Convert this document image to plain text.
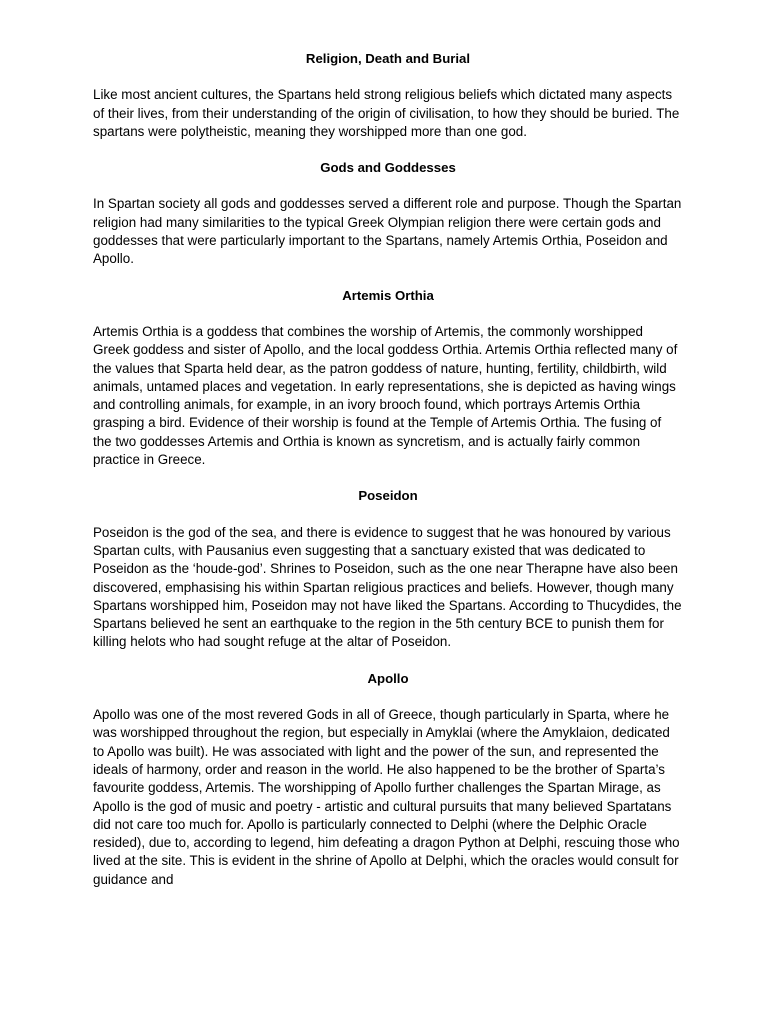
Religion, Death and Burial

Like most ancient cultures, the Spartans held strong religious beliefs which dictated many aspects of their lives, from their understanding of the origin of civilisation, to how they should be buried. The spartans were polytheistic, meaning they worshipped more than one god.

Gods and Goddesses

In Spartan society all gods and goddesses served a different role and purpose. Though the Spartan religion had many similarities to the typical Greek Olympian religion there were certain gods and goddesses that were particularly important to the Spartans, namely Artemis Orthia, Poseidon and Apollo.

Artemis Orthia

Artemis Orthia is a goddess that combines the worship of Artemis, the commonly worshipped Greek goddess and sister of Apollo, and the local goddess Orthia. Artemis Orthia reflected many of the values that Sparta held dear, as the patron goddess of nature, hunting, fertility, childbirth, wild animals, untamed places and vegetation. In early representations, she is depicted as having wings and controlling animals, for example, in an ivory brooch found, which portrays Artemis Orthia grasping a bird. Evidence of their worship is found at the Temple of Artemis Orthia. The fusing of the two goddesses Artemis and Orthia is known as syncretism, and is actually fairly common practice in Greece.

Poseidon

Poseidon is the god of the sea, and there is evidence to suggest that he was honoured by various Spartan cults, with Pausanius even suggesting that a sanctuary existed that was dedicated to Poseidon as the ‘houde-god’. Shrines to Poseidon, such as the one near Therapne have also been discovered, emphasising his within Spartan religious practices and beliefs. However, though many Spartans worshipped him, Poseidon may not have liked the Spartans. According to Thucydides, the Spartans believed he sent an earthquake to the region in the 5th century BCE to punish them for killing helots who had sought refuge at the altar of Poseidon.

Apollo

Apollo was one of the most revered Gods in all of Greece, though particularly in Sparta, where he was worshipped throughout the region, but especially in Amyklai (where the Amyklaion, dedicated to Apollo was built). He was associated with light and the power of the sun, and represented the ideals of harmony, order and reason in the world. He also happened to be the brother of Sparta’s favourite goddess, Artemis. The worshipping of Apollo further challenges the Spartan Mirage, as Apollo is the god of music and poetry - artistic and cultural pursuits that many believed Spartatans did not care too much for. Apollo is particularly connected to Delphi (where the Delphic Oracle resided), due to, according to legend, him defeating a dragon Python at Delphi, rescuing those who lived at the site. This is evident in the shrine of Apollo at Delphi, which the oracles would consult for guidance and
